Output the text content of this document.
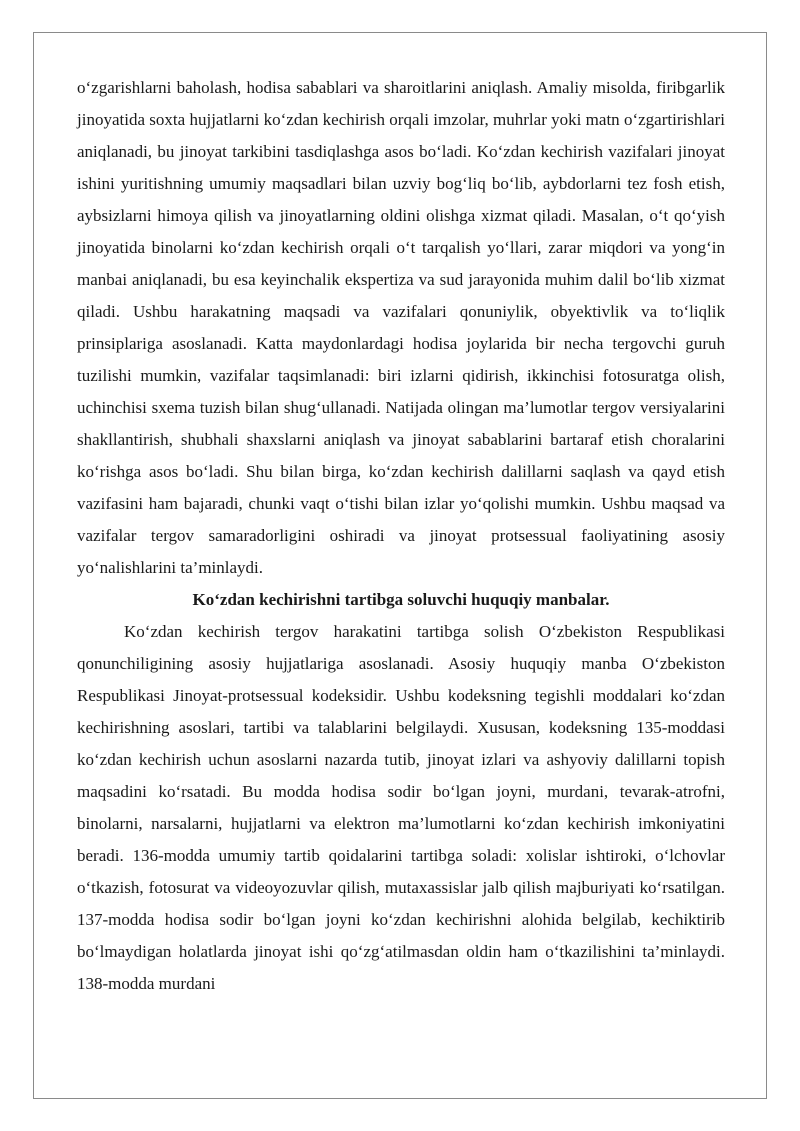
o‘zgarishlarni baholash, hodisa sabablari va sharoitlarini aniqlash. Amaliy misolda, firibgarlik jinoyatida soxta hujjatlarni ko‘zdan kechirish orqali imzolar, muhrlar yoki matn o‘zgartirishlari aniqlanadi, bu jinoyat tarkibini tasdiqlashga asos bo‘ladi. Ko‘zdan kechirish vazifalari jinoyat ishini yuritishning umumiy maqsadlari bilan uzviy bog‘liq bo‘lib, aybdorlarni tez fosh etish, aybsizlarni himoya qilish va jinoyatlarning oldini olishga xizmat qiladi. Masalan, o‘t qo‘yish jinoyatida binolarni ko‘zdan kechirish orqali o‘t tarqalish yo‘llari, zarar miqdori va yong‘in manbai aniqlanadi, bu esa keyinchalik ekspertiza va sud jarayonida muhim dalil bo‘lib xizmat qiladi. Ushbu harakatning maqsadi va vazifalari qonuniylik, obyektivlik va to‘liqlik prinsiplariga asoslanadi. Katta maydonlardagi hodisa joylarida bir necha tergovchi guruh tuzilishi mumkin, vazifalar taqsimlanadi: biri izlarni qidirish, ikkinchisi fotosuratga olish, uchinchisi sxema tuzish bilan shug‘ullanadi. Natijada olingan ma’lumotlar tergov versiyalarini shakllantirish, shubhali shaxslarni aniqlash va jinoyat sabablarini bartaraf etish choralarini ko‘rishga asos bo‘ladi. Shu bilan birga, ko‘zdan kechirish dalillarni saqlash va qayd etish vazifasini ham bajaradi, chunki vaqt o‘tishi bilan izlar yo‘qolishi mumkin. Ushbu maqsad va vazifalar tergov samaradorligini oshiradi va jinoyat protsessual faoliyatining asosiy yo‘nalishlarini ta’minlaydi.

Ko‘zdan kechirishni tartibga soluvchi huquqiy manbalar.

Ko‘zdan kechirish tergov harakatini tartibga solish O‘zbekiston Respublikasi qonunchiligining asosiy hujjatlariga asoslanadi. Asosiy huquqiy manba O‘zbekiston Respublikasi Jinoyat-protsessual kodeksidir. Ushbu kodeksning tegishli moddalari ko‘zdan kechirishning asoslari, tartibi va talablarini belgilaydi. Xususan, kodeksning 135-moddasi ko‘zdan kechirish uchun asoslarni nazarda tutib, jinoyat izlari va ashyoviy dalillarni topish maqsadini ko‘rsatadi. Bu modda hodisa sodir bo‘lgan joyni, murdani, tevarak-atrofni, binolarni, narsalarni, hujjatlarni va elektron ma’lumotlarni ko‘zdan kechirish imkoniyatini beradi. 136-modda umumiy tartib qoidalarini tartibga soladi: xolislar ishtiroki, o‘lchovlar o‘tkazish, fotosurat va videoyozuvlar qilish, mutaxassislar jalb qilish majburiyati ko‘rsatilgan. 137-modda hodisa sodir bo‘lgan joyni ko‘zdan kechirishni alohida belgilab, kechiktirib bo‘lmaydigan holatlarda jinoyat ishi qo‘zg‘atilmasdan oldin ham o‘tkazilishini ta’minlaydi. 138-modda murdani
